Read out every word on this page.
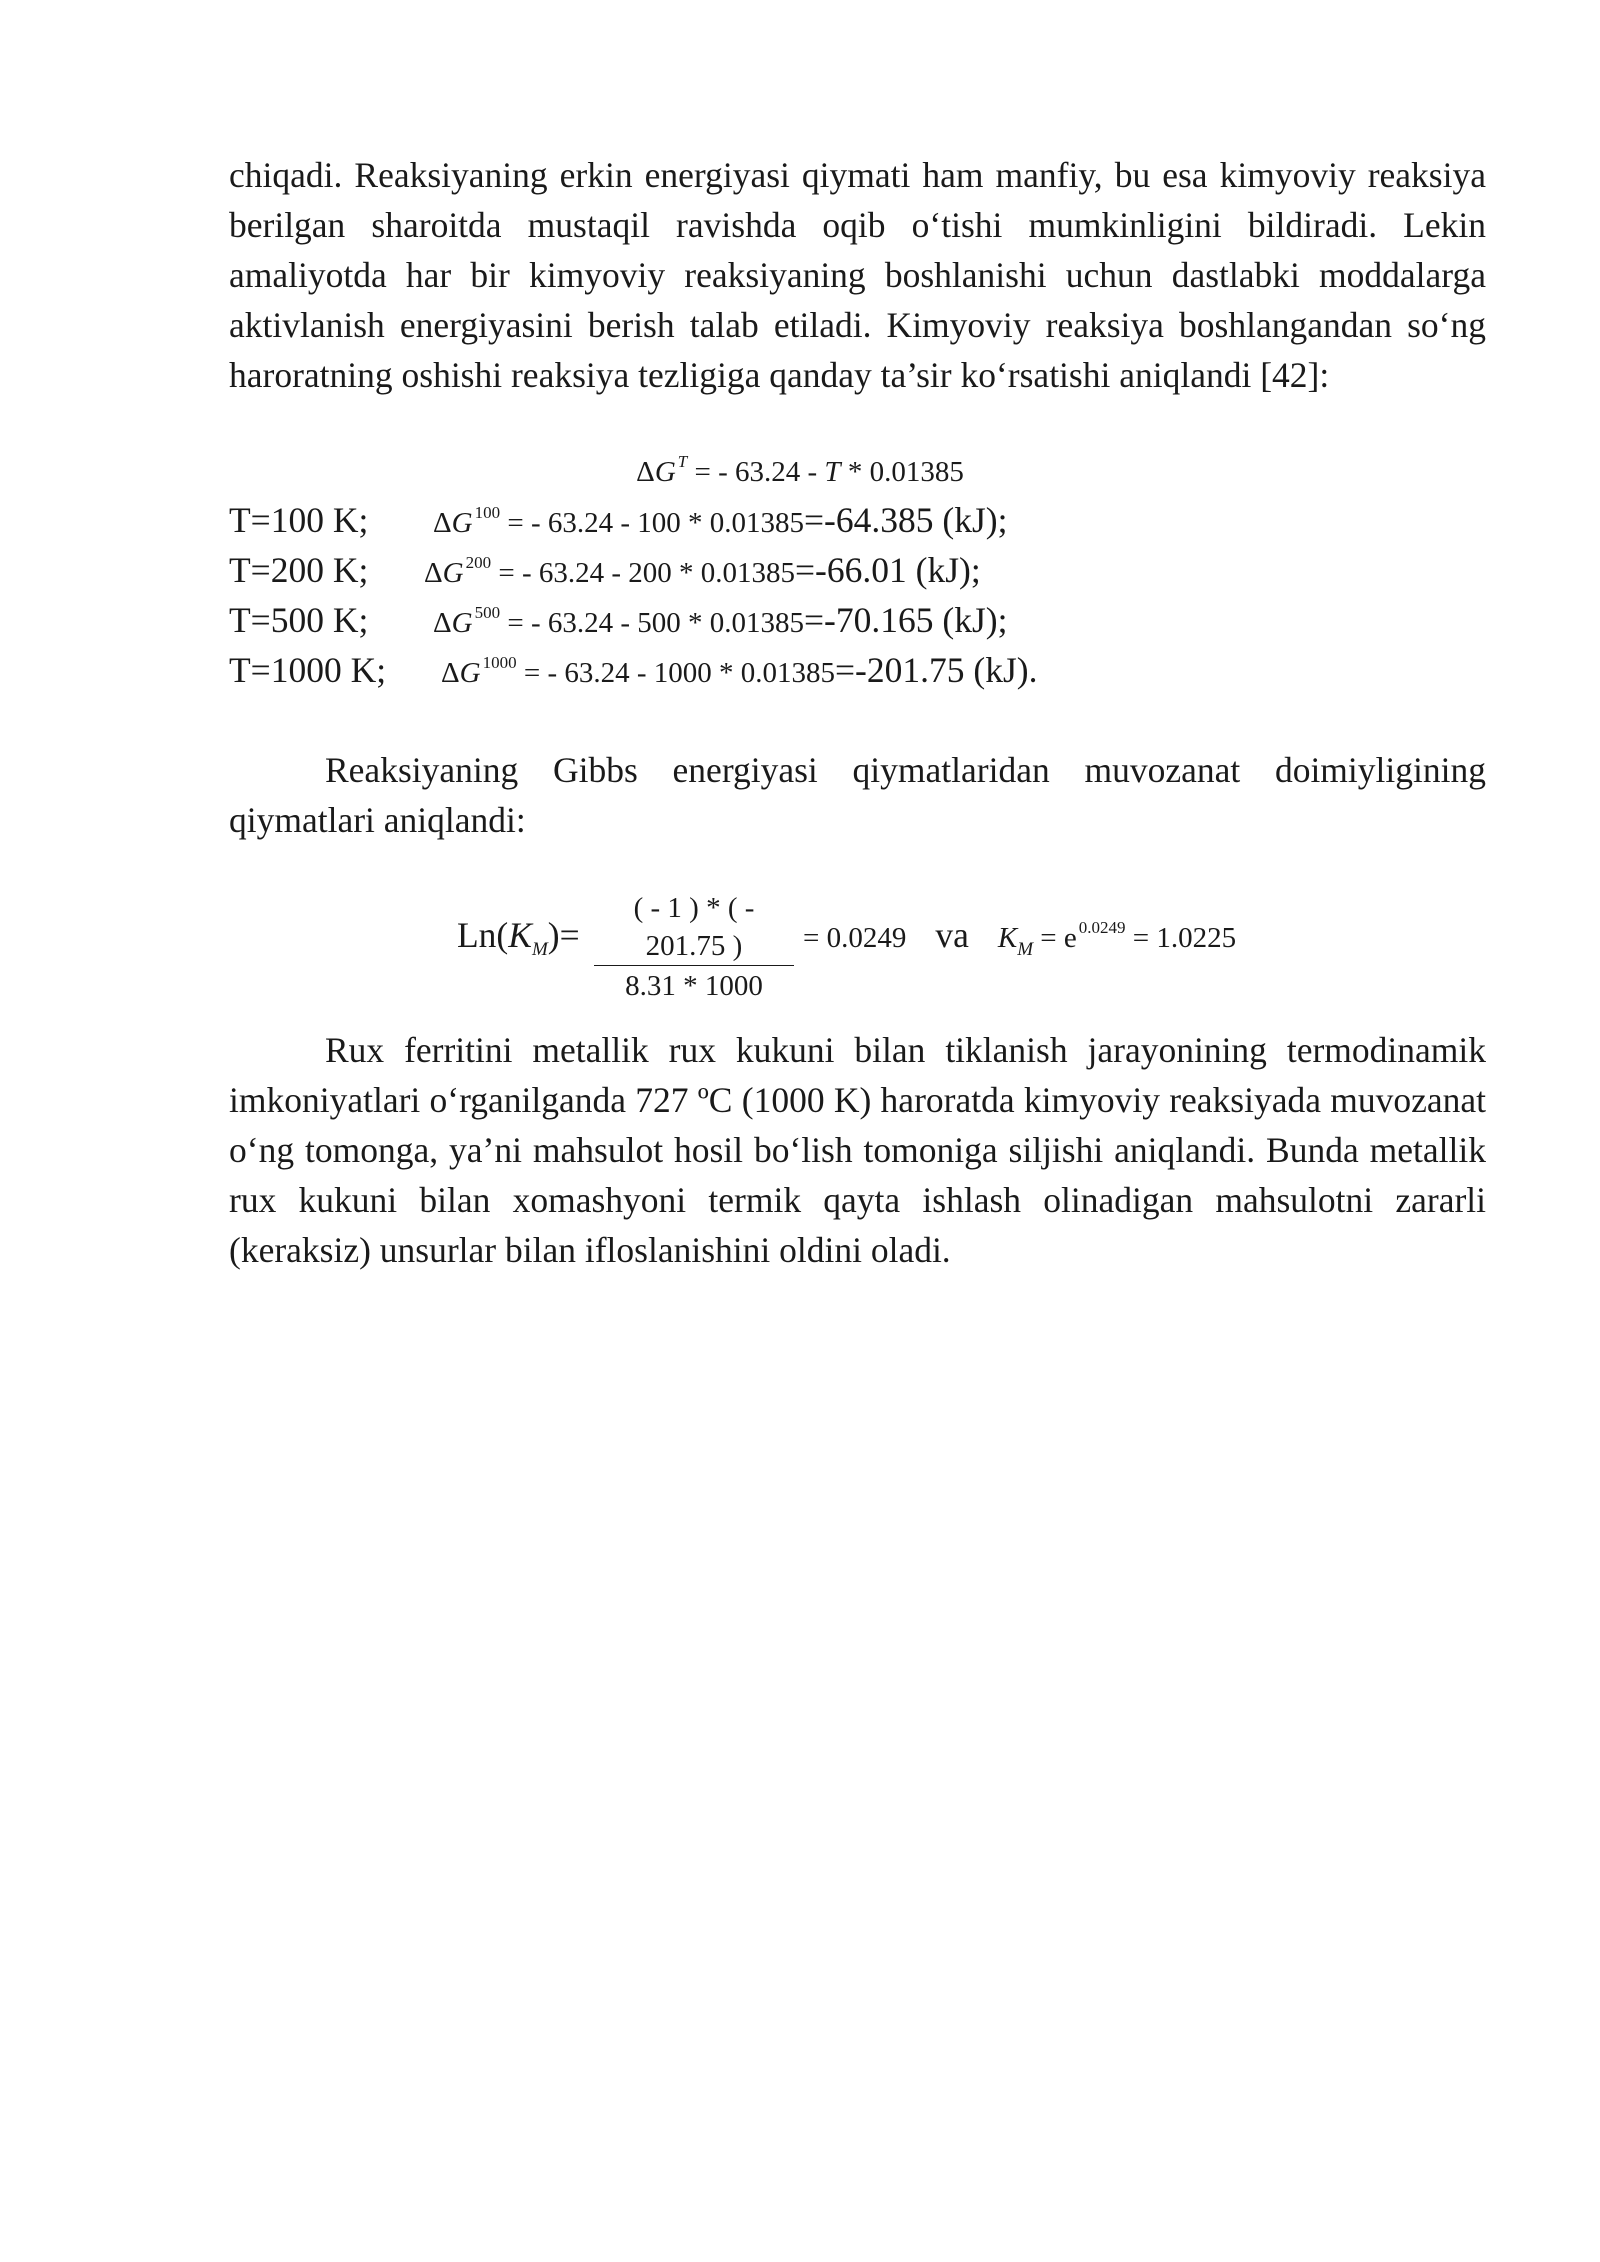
chiqadi. Reaksiyaning erkin energiyasi qiymati ham manfiy, bu esa kimyoviy reaksiya berilgan sharoitda mustaqil ravishda oqib oʻtishi mumkinligini bildiradi. Lekin amaliyotda har bir kimyoviy reaksiyaning boshlanishi uchun dastlabki moddalarga aktivlanish energiyasini berish talab etiladi. Kimyoviy reaksiya boshlangandan soʻng haroratning oshishi reaksiya tezligiga qanday ta’sir koʻrsatishi aniqlandi [42]:

ΔG $^T$ = - 63.24 - T * 0.01385
T=100 K; ΔG $^{100}$ = - 63.24 - 100 * 0.01385=-64.385 (kJ);
T=200 K; ΔG $^{200}$ = - 63.24 - 200 * 0.01385=-66.01 (kJ);
T=500 K; ΔG $^{500}$ = - 63.24 - 500 * 0.01385=-70.165 (kJ);
T=1000 K; ΔG $^{1000}$ = - 63.24 - 1000 * 0.01385=-201.75 (kJ).

Reaksiyaning Gibbs energiyasi qiymatlaridan muvozanat doimiyligining qiymatlari aniqlandi:

$Ln(K_M)= \frac{( - 1 ) * ( - 201.75 )}{8.31 * 1000} = 0.0249$ va $K_M = e$ $^{0.0249}$ = 1.0225

Rux ferritini metallik rux kukuni bilan tiklanish jarayonining termodinamik imkoniyatlari oʻrganilganda 727 ºC (1000 K) haroratda kimyoviy reaksiyada muvozanat oʻng tomonga, ya’ni mahsulot hosil boʻlish tomoniga siljishi aniqlandi. Bunda metallik rux kukuni bilan xomashyoni termik qayta ishlash olinadigan mahsulotni zararli (keraksiz) unsurlar bilan ifloslanishini oldini oladi.
